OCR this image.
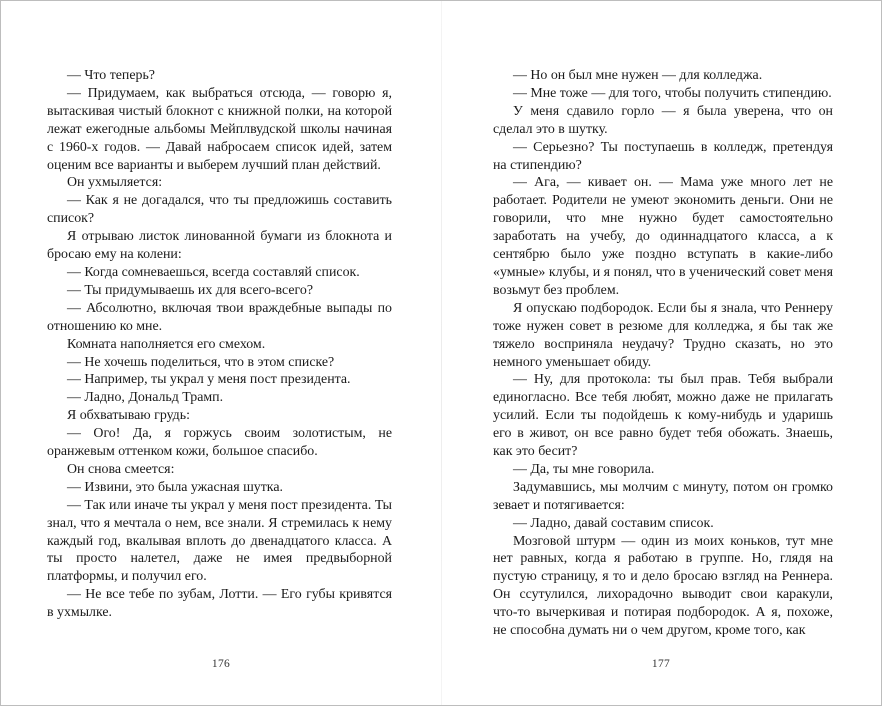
— Что теперь?

— Придумаем, как выбраться отсюда, — говорю я, вытаскивая чистый блокнот с книжной полки, на которой лежат ежегодные альбомы Мейплвудской школы начиная с 1960-х годов. — Давай набросаем список идей, затем оценим все варианты и выберем лучший план действий.

Он ухмыляется:

— Как я не догадался, что ты предложишь составить список?

Я отрываю листок линованной бумаги из блокнота и бросаю ему на колени:

— Когда сомневаешься, всегда составляй список.

— Ты придумываешь их для всего-всего?

— Абсолютно, включая твои враждебные выпады по отношению ко мне.

Комната наполняется его смехом.

— Не хочешь поделиться, что в этом списке?

— Например, ты украл у меня пост президента.

— Ладно, Дональд Трамп.

Я обхватываю грудь:

— Ого! Да, я горжусь своим золотистым, не оранжевым оттенком кожи, большое спасибо.

Он снова смеется:

— Извини, это была ужасная шутка.

— Так или иначе ты украл у меня пост президента. Ты знал, что я мечтала о нем, все знали. Я стремилась к нему каждый год, вкалывая вплоть до двенадцатого класса. А ты просто налетел, даже не имея предвыборной платформы, и получил его.

— Не все тебе по зубам, Лотти. — Его губы кривятся в ухмылке.

176

— Но он был мне нужен — для колледжа.

— Мне тоже — для того, чтобы получить стипендию.

У меня сдавило горло — я была уверена, что он сделал это в шутку.

— Серьезно? Ты поступаешь в колледж, претендуя на стипендию?

— Ага, — кивает он. — Мама уже много лет не работает. Родители не умеют экономить деньги. Они не говорили, что мне нужно будет самостоятельно заработать на учебу, до одиннадцатого класса, а к сентябрю было уже поздно вступать в какие-либо «умные» клубы, и я понял, что в ученический совет меня возьмут без проблем.

Я опускаю подбородок. Если бы я знала, что Реннеру тоже нужен совет в резюме для колледжа, я бы так же тяжело восприняла неудачу? Трудно сказать, но это немного уменьшает обиду.

— Ну, для протокола: ты был прав. Тебя выбрали единогласно. Все тебя любят, можно даже не прилагать усилий. Если ты подойдешь к кому-нибудь и ударишь его в живот, он все равно будет тебя обожать. Знаешь, как это бесит?

— Да, ты мне говорила.

Задумавшись, мы молчим с минуту, потом он громко зевает и потягивается:

— Ладно, давай составим список.

Мозговой штурм — один из моих коньков, тут мне нет равных, когда я работаю в группе. Но, глядя на пустую страницу, я то и дело бросаю взгляд на Реннера. Он ссутулился, лихорадочно выводит свои каракули, что-то вычеркивая и потирая подбородок. А я, похоже, не способна думать ни о чем другом, кроме того, как

177
